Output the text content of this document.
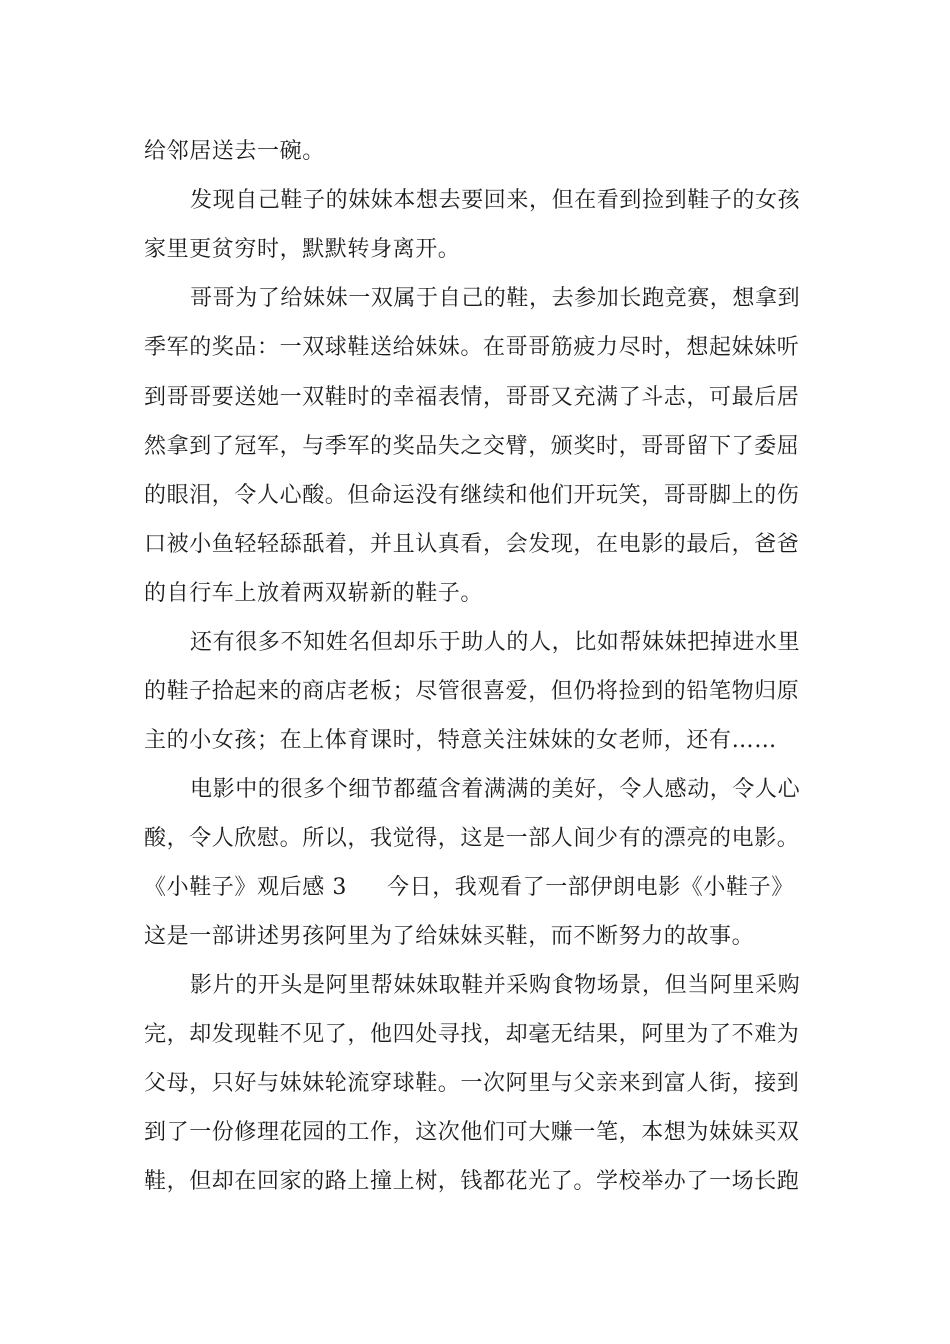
给邻居送去一碗。
发现自己鞋子的妹妹本想去要回来，但在看到捡到鞋子的女孩
家里更贫穷时，默默转身离开。
哥哥为了给妹妹一双属于自己的鞋，去参加长跑竞赛，想拿到
季军的奖品：一双球鞋送给妹妹。在哥哥筋疲力尽时，想起妹妹听
到哥哥要送她一双鞋时的幸福表情，哥哥又充满了斗志，可最后居
然拿到了冠军，与季军的奖品失之交臂，颁奖时，哥哥留下了委屈
的眼泪，令人心酸。但命运没有继续和他们开玩笑，哥哥脚上的伤
口被小鱼轻轻舔舐着，并且认真看，会发现，在电影的最后，爸爸
的自行车上放着两双崭新的鞋子。
还有很多不知姓名但却乐于助人的人，比如帮妹妹把掉进水里
的鞋子拾起来的商店老板；尽管很喜爱，但仍将捡到的铅笔物归原
主的小女孩；在上体育课时，特意关注妹妹的女老师，还有……
电影中的很多个细节都蕴含着满满的美好，令人感动，令人心
酸，令人欣慰。所以，我觉得，这是一部人间少有的漂亮的电影。
《小鞋子》观后感 3 今日，我观看了一部伊朗电影《小鞋子》
这是一部讲述男孩阿里为了给妹妹买鞋，而不断努力的故事。
影片的开头是阿里帮妹妹取鞋并采购食物场景，但当阿里采购
完，却发现鞋不见了，他四处寻找，却毫无结果，阿里为了不难为
父母，只好与妹妹轮流穿球鞋。一次阿里与父亲来到富人街，接到
到了一份修理花园的工作，这次他们可大赚一笔，本想为妹妹买双
鞋，但却在回家的路上撞上树，钱都花光了。学校举办了一场长跑
